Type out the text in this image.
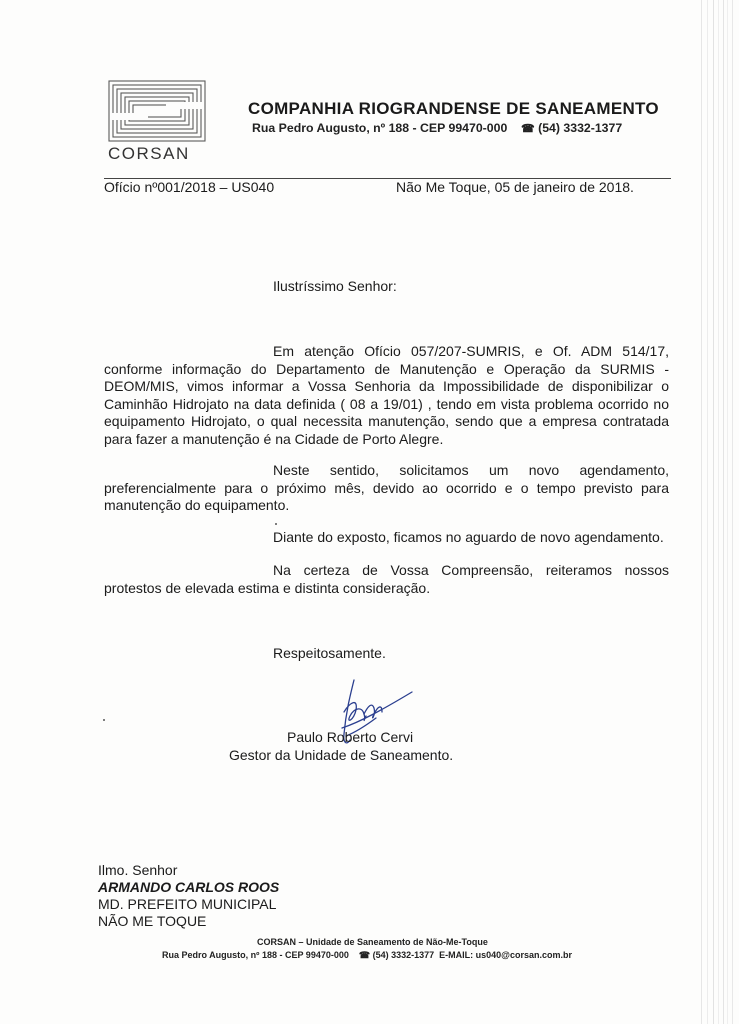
CORSAN
COMPANHIA RIOGRANDENSE DE SANEAMENTO
Rua Pedro Augusto, nº 188 - CEP 99470-000 ☎ (54) 3332-1377
Ofício nº001/2018 – US040	Não Me Toque, 05 de janeiro de 2018.
Ilustríssimo Senhor:
Em atenção Ofício 057/207-SUMRIS, e Of. ADM 514/17, conforme informação do Departamento de Manutenção e Operação da SURMIS - DEOM/MIS, vimos informar a Vossa Senhoria da Impossibilidade de disponibilizar o Caminhão Hidrojato na data definida ( 08 a 19/01) , tendo em vista problema ocorrido no equipamento Hidrojato, o qual necessita manutenção, sendo que a empresa contratada para fazer a manutenção é na Cidade de Porto Alegre.
Neste sentido, solicitamos um novo agendamento, preferencialmente para o próximo mês, devido ao ocorrido e o tempo previsto para manutenção do equipamento.
Diante do exposto, ficamos no aguardo de novo agendamento.
Na certeza de Vossa Compreensão, reiteramos nossos protestos de elevada estima e distinta consideração.
Respeitosamente.
Paulo Roberto Cervi
Gestor da Unidade de Saneamento.
Ilmo. Senhor
ARMANDO CARLOS ROOS
MD. PREFEITO MUNICIPAL
NÃO ME TOQUE
CORSAN – Unidade de Saneamento de Não-Me-Toque
Rua Pedro Augusto, nº 188 - CEP 99470-000 ☎ (54) 3332-1377 E-MAIL: us040@corsan.com.br
